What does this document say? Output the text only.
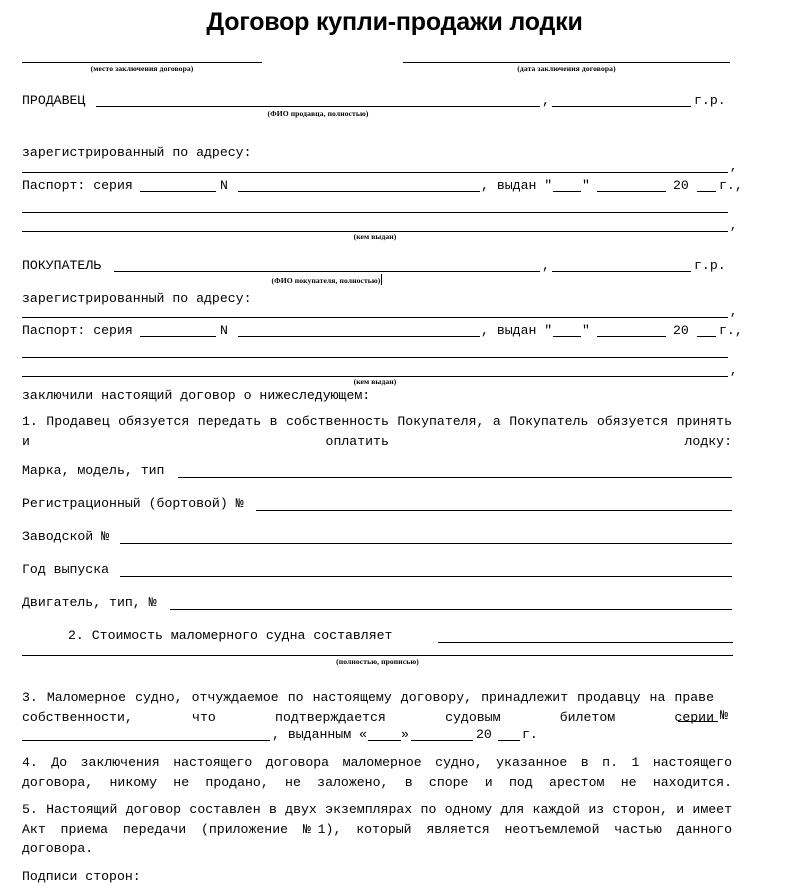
Договор купли-продажи лодки
(место заключения договора)	(дата заключения договора)
ПРОДАВЕЦ	,	г.р.
(ФИО продавца, полностью)
зарегистрированный по адресу:
,
Паспорт: серия	N	, выдан " "	20 г.,
,
(кем выдан)
ПОКУПАТЕЛЬ	,	г.р.
(ФИО покупателя, полностью)
зарегистрированный по адресу:
,
Паспорт: серия	N	, выдан " "	20 г.,
,
(кем выдан)
заключили настоящий договор о нижеследующем:
1. Продавец обязуется передать в собственность Покупателя, а Покупатель обязуется принять и оплатить лодку:
Марка, модель, тип
Регистрационный (бортовой) №
Заводской №
Год выпуска
Двигатель, тип, №
2. Стоимость маломерного судна составляет
(полностью, прописью)
3. Маломерное судно, отчуждаемое по настоящему договору, принадлежит продавцу на праве собственности, что подтверждается судовым билетом серии №
, выданным «	»	20 г.
4. До заключения настоящего договора маломерное судно, указанное в п. 1 настоящего договора, никому не продано, не заложено, в споре и под арестом не находится.
5. Настоящий договор составлен в двух экземплярах по одному для каждой из сторон, и имеет Акт приема передачи (приложение №1), который является неотъемлемой частью данного договора.
Подписи сторон:
